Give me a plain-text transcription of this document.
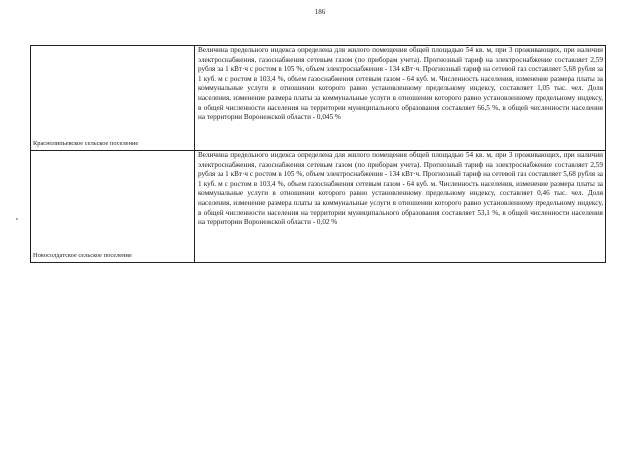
186
Краснолипьевское сельское поселение	Величина предельного индекса определена для жилого помещения общей площадью 54 кв. м, при 3 проживающих, при наличии электроснабжения, газоснабжения сетевым газом (по приборам учета). Прогнозный тариф на электроснабжение составляет 2,59 рубля за 1 кВт·ч с ростом в 105 %, объем электроснабжения - 134 кВт·ч. Прогнозный тариф на сетевой газ составляет 5,68 рубля за 1 куб. м с ростом в 103,4 %, объем газоснабжения сетевым газом - 64 куб. м. Численность населения, изменение размера платы за коммунальные услуги в отношении которого равно установленному предельному индексу, составляет 1,05 тыс. чел. Доля населения, изменение размера платы за коммунальные услуги в отношении которого равно установленному предельному индексу, в общей численности населения на территории муниципального образования составляет 66,5 %, в общей численности населения на территории Воронежской области - 0,045 %

Новосолдатское сельское поселение	Величина предельного индекса определена для жилого помещения общей площадью 54 кв. м, при 3 проживающих, при наличии электроснабжения, газоснабжения сетевым газом (по приборам учета). Прогнозный тариф на электроснабжение составляет 2,59 рубля за 1 кВт·ч с ростом в 105 %, объем электроснабжения - 134 кВт·ч. Прогнозный тариф на сетевой газ составляет 5,68 рубля за 1 куб. м с ростом в 103,4 %, объем газоснабжения сетевым газом - 64 куб. м. Численность населения, изменение размера платы за коммунальные услуги в отношении которого равно установленному предельному индексу, составляет 0,46 тыс. чел. Доля населения, изменение размера платы за коммунальные услуги в отношении которого равно установленному предельному индексу, в общей численности населения на территории муниципального образования составляет 53,1 %, в общей численности населения на территории Воронежской области - 0,02 %
